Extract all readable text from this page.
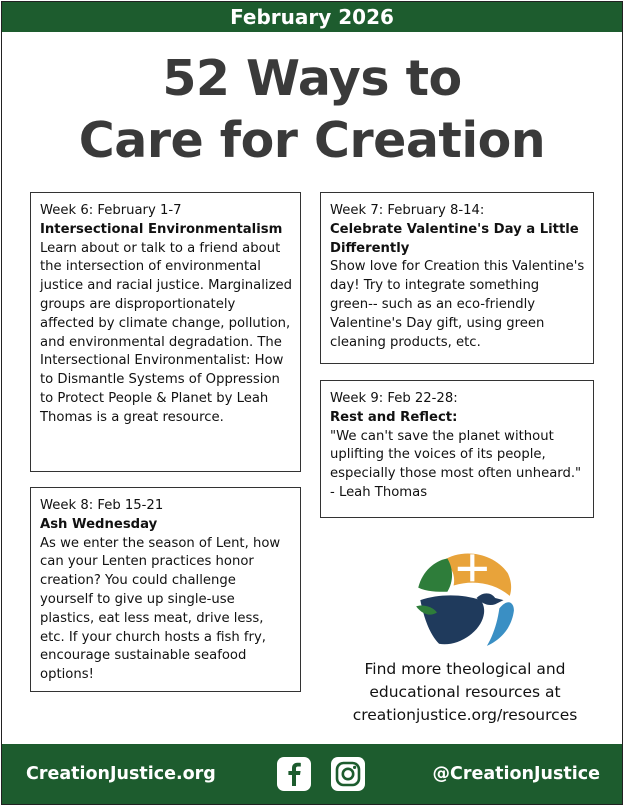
February 2026
52 Ways to
Care for Creation
Week 6: February 1-7
Intersectional Environmentalism
Learn about or talk to a friend about the intersection of environmental justice and racial justice. Marginalized groups are disproportionately affected by climate change, pollution, and environmental degradation. The Intersectional Environmentalist: How to Dismantle Systems of Oppression to Protect People & Planet by Leah Thomas is a great resource.
Week 7: February 8-14:
Celebrate Valentine's Day a Little Differently
Show love for Creation this Valentine's day! Try to integrate something green-- such as an eco-friendly Valentine's Day gift, using green cleaning products, etc.
Week 9: Feb 22-28:
Rest and Reflect:
"We can't save the planet without uplifting the voices of its people, especially those most often unheard." - Leah Thomas
Week 8: Feb 15-21
Ash Wednesday
As we enter the season of Lent, how can your Lenten practices honor creation? You could challenge yourself to give up single-use plastics, eat less meat, drive less, etc. If your church hosts a fish fry, encourage sustainable seafood options!	Find more theological and
educational resources at
creationjustice.org/resources
CreationJustice.org	@CreationJustice
